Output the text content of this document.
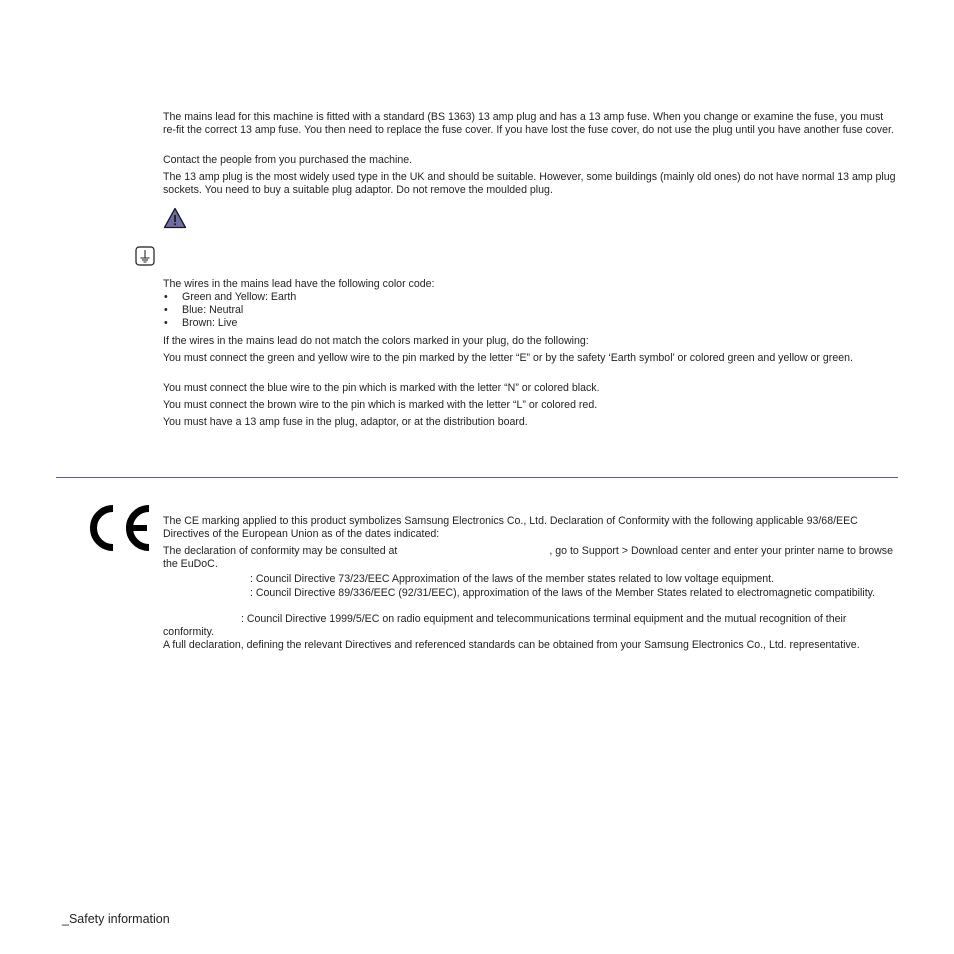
The mains lead for this machine is fitted with a standard (BS 1363) 13 amp plug and has a 13 amp fuse. When you change or examine the fuse, you must re-fit the correct 13 amp fuse. You then need to replace the fuse cover. If you have lost the fuse cover, do not use the plug until you have another fuse cover.

Contact the people from you purchased the machine.

The 13 amp plug is the most widely used type in the UK and should be suitable. However, some buildings (mainly old ones) do not have normal 13 amp plug sockets. You need to buy a suitable plug adaptor. Do not remove the moulded plug.

The wires in the mains lead have the following color code:

• Green and Yellow: Earth
• Blue: Neutral
• Brown: Live

If the wires in the mains lead do not match the colors marked in your plug, do the following:

You must connect the green and yellow wire to the pin marked by the letter “E” or by the safety ‘Earth symbol’ or colored green and yellow or green.

You must connect the blue wire to the pin which is marked with the letter “N” or colored black.

You must connect the brown wire to the pin which is marked with the letter “L” or colored red.

You must have a 13 amp fuse in the plug, adaptor, or at the distribution board.

The CE marking applied to this product symbolizes Samsung Electronics Co., Ltd. Declaration of Conformity with the following applicable 93/68/EEC Directives of the European Union as of the dates indicated:

The declaration of conformity may be consulted at	, go to Support > Download center and enter your printer name to browse the EuDoC.

: Council Directive 73/23/EEC Approximation of the laws of the member states related to low voltage equipment.

: Council Directive 89/336/EEC (92/31/EEC), approximation of the laws of the Member States related to electromagnetic compatibility.

: Council Directive 1999/5/EC on radio equipment and telecommunications terminal equipment and the mutual recognition of their conformity.

A full declaration, defining the relevant Directives and referenced standards can be obtained from your Samsung Electronics Co., Ltd. representative.

_Safety information
